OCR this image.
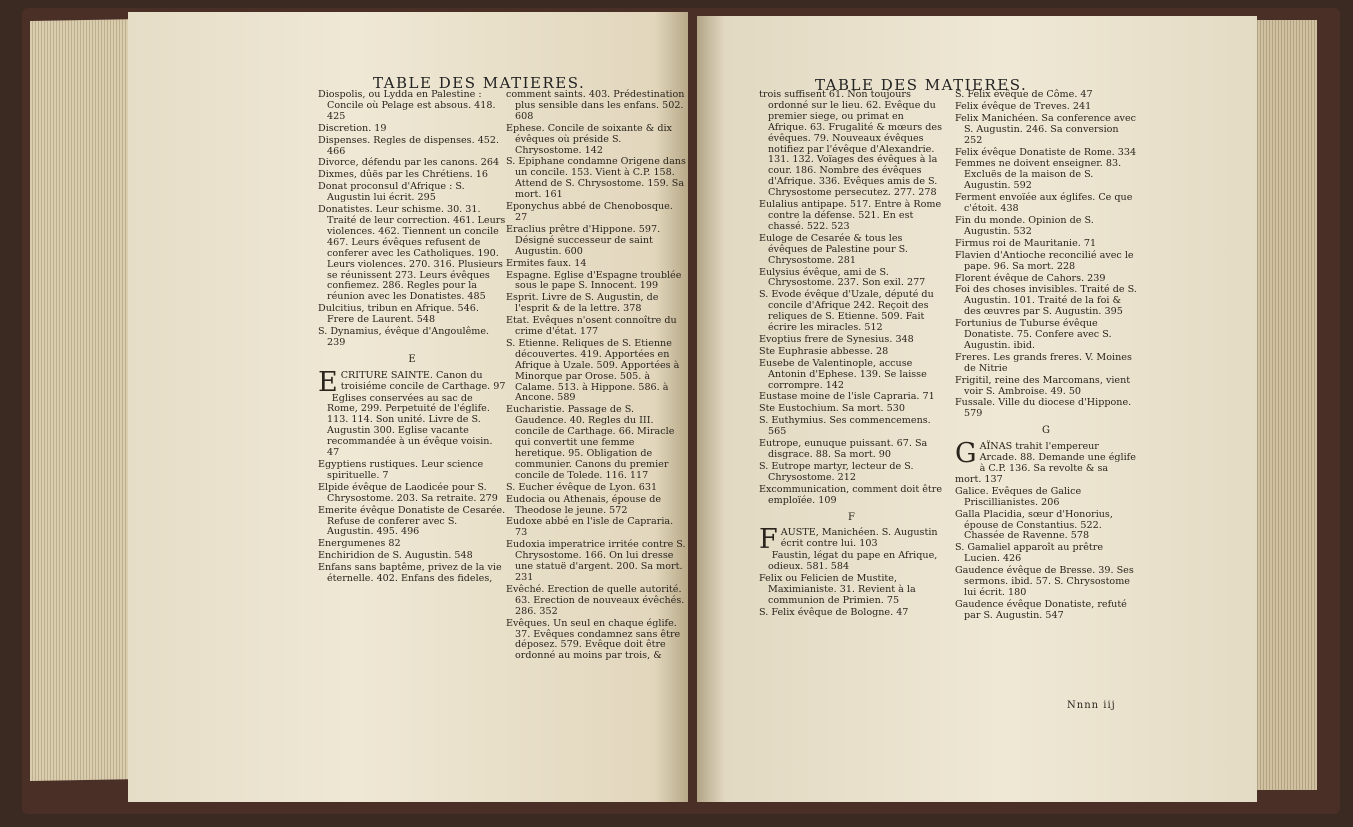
TABLE DES MATIERES.

Diospolis, ou Lydda en Palestine : Concile où Pelage est absous. 418. 425

Discretion. 19

Dispenses. Regles de dispenses. 452. 466

Divorce, défendu par les canons. 264

Dixmes, dûës par les Chrétiens. 16

Donat proconsul d'Afrique : S. Augustin lui écrit. 295

Donatistes. Leur schisme. 30. 31. Traité de leur correction. 461. Leurs violences. 462. Tiennent un concile 467. Leurs évêques refusent de conferer avec les Catholiques. 190. Leurs violences. 270. 316. Plusieurs se réunissent 273. Leurs évêques confiemez. 286. Regles pour la réunion avec les Donatistes. 485

Dulcitius, tribun en Afrique. 546. Frere de Laurent. 548

S. Dynamius, évêque d'Angoulême. 239

E

ECRITURE SAINTE. Canon du troisiéme concile de Carthage. 97

Eglises conservées au sac de Rome, 299. Perpetuité de l'églife. 113. 114. Son unité. Livre de S. Augustin 300. Eglise vacante recommandée à un évêque voisin. 47

Egyptiens rustiques. Leur science spirituelle. 7

Elpide évêque de Laodicée pour S. Chrysostome. 203. Sa retraite. 279

Emerite évêque Donatiste de Cesarée. Refuse de conferer avec S. Augustin. 495. 496

Energumenes 82

Enchiridion de S. Augustin. 548

Enfans sans baptême, privez de la vie éternelle. 402. Enfans des fideles,

comment saints. 403. Prédestination plus sensible dans les enfans. 502. 608

Ephese. Concile de soixante & dix évêques où préside S. Chrysostome. 142

S. Epiphane condamne Origene dans un concile. 153. Vient à C.P. 158. Attend de S. Chrysostome. 159. Sa mort. 161

Eponychus abbé de Chenobosque. 27

Eraclius prêtre d'Hippone. 597. Désigné successeur de saint Augustin. 600

Ermites faux. 14

Espagne. Eglise d'Espagne troublée sous le pape S. Innocent. 199

Esprit. Livre de S. Augustin, de l'esprit & de la lettre. 378

Etat. Evêques n'osent connoître du crime d'état. 177

S. Etienne. Reliques de S. Etienne découvertes. 419. Apportées en Afrique à Uzale. 509. Apportées à Minorque par Orose. 505. à Calame. 513. à Hippone. 586. à Ancone. 589

Eucharistie. Passage de S. Gaudence. 40. Regles du III. concile de Carthage. 66. Miracle qui convertit une femme heretique. 95. Obligation de communier. Canons du premier concile de Tolede. 116. 117

S. Eucher évêque de Lyon. 631

Eudocia ou Athenais, épouse de Theodose le jeune. 572

Eudoxe abbé en l'isle de Capraria. 73

Eudoxia imperatrice irritée contre S. Chrysostome. 166. On lui dresse une statuë d'argent. 200. Sa mort. 231

Evêché. Erection de quelle autorité. 63. Erection de nouveaux évêchés. 286. 352

Evêques. Un seul en chaque églife. 37. Evêques condamnez sans être déposez. 579. Evêque doit être ordonné au moins par trois, &

TABLE DES MATIERES.

trois suffisent 61. Non toujours ordonné sur le lieu. 62. Evêque du premier siege, ou primat en Afrique. 63. Frugalité & mœurs des évêques. 79. Nouveaux évêques notifiez par l'évêque d'Alexandrie. 131. 132. Voïages des évêques à la cour. 186. Nombre des évêques d'Afrique. 336. Evêques amis de S. Chrysostome persecutez. 277. 278

Eulalius antipape. 517. Entre à Rome contre la défense. 521. En est chassé. 522. 523

Euloge de Cesarée & tous les évêques de Palestine pour S. Chrysostome. 281

Eulysius évêque, ami de S. Chrysostome. 237. Son exil. 277

S. Evode évêque d'Uzale, député du concile d'Afrique 242. Reçoit des reliques de S. Etienne. 509. Fait écrire les miracles. 512

Evoptius frere de Synesius. 348

Ste Euphrasie abbesse. 28

Eusebe de Valentinople, accuse Antonin d'Ephese. 139. Se laisse corrompre. 142

Eustase moine de l'isle Capraria. 71

Ste Eustochium. Sa mort. 530

S. Euthymius. Ses commencemens. 565

Eutrope, eunuque puissant. 67. Sa disgrace. 88. Sa mort. 90

S. Eutrope martyr, lecteur de S. Chrysostome. 212

Excommunication, comment doit être emploïée. 109

F

FAUSTE, Manichéen. S. Augustin écrit contre lui. 103

Faustin, légat du pape en Afrique, odieux. 581. 584

Felix ou Felicien de Mustite, Maximianiste. 31. Revient à la communion de Primien. 75

S. Felix évêque de Bologne. 47

S. Felix évêque de Côme. 47

Felix évêque de Treves. 241

Felix Manichéen. Sa conference avec S. Augustin. 246. Sa conversion 252

Felix évêque Donatiste de Rome. 334

Femmes ne doivent enseigner. 83. Excluës de la maison de S. Augustin. 592

Ferment envoïée aux églifes. Ce que c'étoit. 438

Fin du monde. Opinion de S. Augustin. 532

Firmus roi de Mauritanie. 71

Flavien d'Antioche reconcilié avec le pape. 96. Sa mort. 228

Florent évêque de Cahors. 239

Foi des choses invisibles. Traité de S. Augustin. 101. Traité de la foi & des œuvres par S. Augustin. 395

Fortunius de Tuburse évêque Donatiste. 75. Confere avec S. Augustin. ibid.

Freres. Les grands freres. V. Moines de Nitrie

Frigitil, reine des Marcomans, vient voir S. Ambroise. 49. 50

Fussale. Ville du diocese d'Hippone. 579

G

GAÏNAS trahit l'empereur Arcade. 88. Demande une églife à C.P. 136. Sa revolte & sa mort. 137

Galice. Evêques de Galice Priscillianistes. 206

Galla Placidia, sœur d'Honorius, épouse de Constantius. 522. Chassée de Ravenne. 578

S. Gamaliel apparoît au prêtre Lucien. 426

Gaudence évêque de Bresse. 39. Ses sermons. ibid. 57. S. Chrysostome lui écrit. 180

Gaudence évêque Donatiste, refuté par S. Augustin. 547

Nnnn iij
